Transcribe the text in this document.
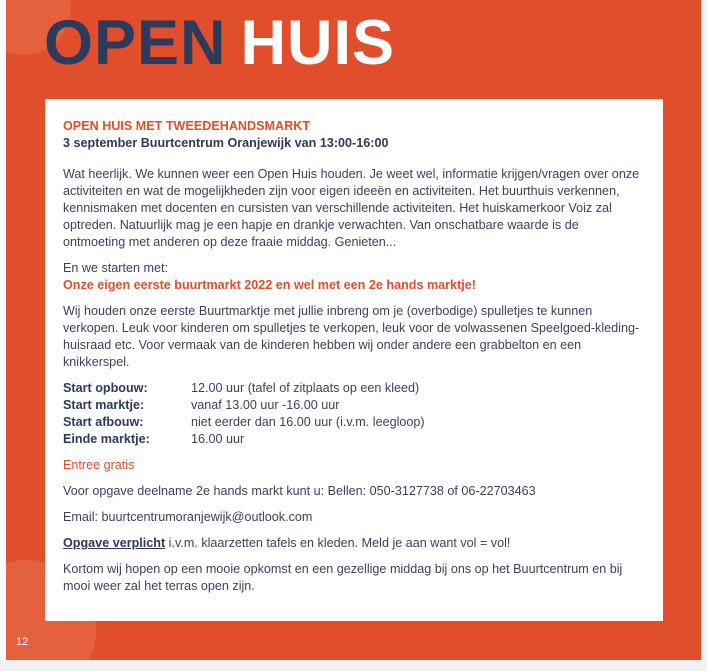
OPEN HUIS
12

OPEN HUIS MET TWEEDEHANDSMARKT

3 september Buurtcentrum Oranjewijk van 13:00-16:00

Wat heerlijk. We kunnen weer een Open Huis houden. Je weet wel, informatie krijgen/vragen over onze activiteiten en wat de mogelijkheden zijn voor eigen ideeën en activiteiten. Het buurthuis verkennen, kennismaken met docenten en cursisten van verschillende activiteiten. Het huiskamerkoor Voiz zal optreden. Natuurlijk mag je een hapje en drankje verwachten. Van onschatbare waarde is de ontmoeting met anderen op deze fraaie middag. Genieten...

En we starten met:

Onze eigen eerste buurtmarkt 2022 en wel met een 2e hands marktje!

Wij houden onze eerste Buurtmarktje met jullie inbreng om je (overbodige) spulletjes te kunnen verkopen. Leuk voor kinderen om spulletjes te verkopen, leuk voor de volwassenen Speelgoed-kleding-huisraad etc. Voor vermaak van de kinderen hebben wij onder andere een grabbelton en een knikkerspel.

Start opbouw:	12.00 uur (tafel of zitplaats op een kleed)
Start marktje:	vanaf 13.00 uur -16.00 uur
Start afbouw:	niet eerder dan 16.00 uur (i.v.m. leegloop)
Einde marktje:	16.00 uur

Entree gratis

Voor opgave deelname 2e hands markt kunt u: Bellen: 050-3127738 of 06-22703463

Email: buurtcentrumoranjewijk@outlook.com

Opgave verplicht i.v.m. klaarzetten tafels en kleden. Meld je aan want vol = vol!

Kortom wij hopen op een mooie opkomst en een gezellige middag bij ons op het Buurtcentrum en bij mooi weer zal het terras open zijn.
